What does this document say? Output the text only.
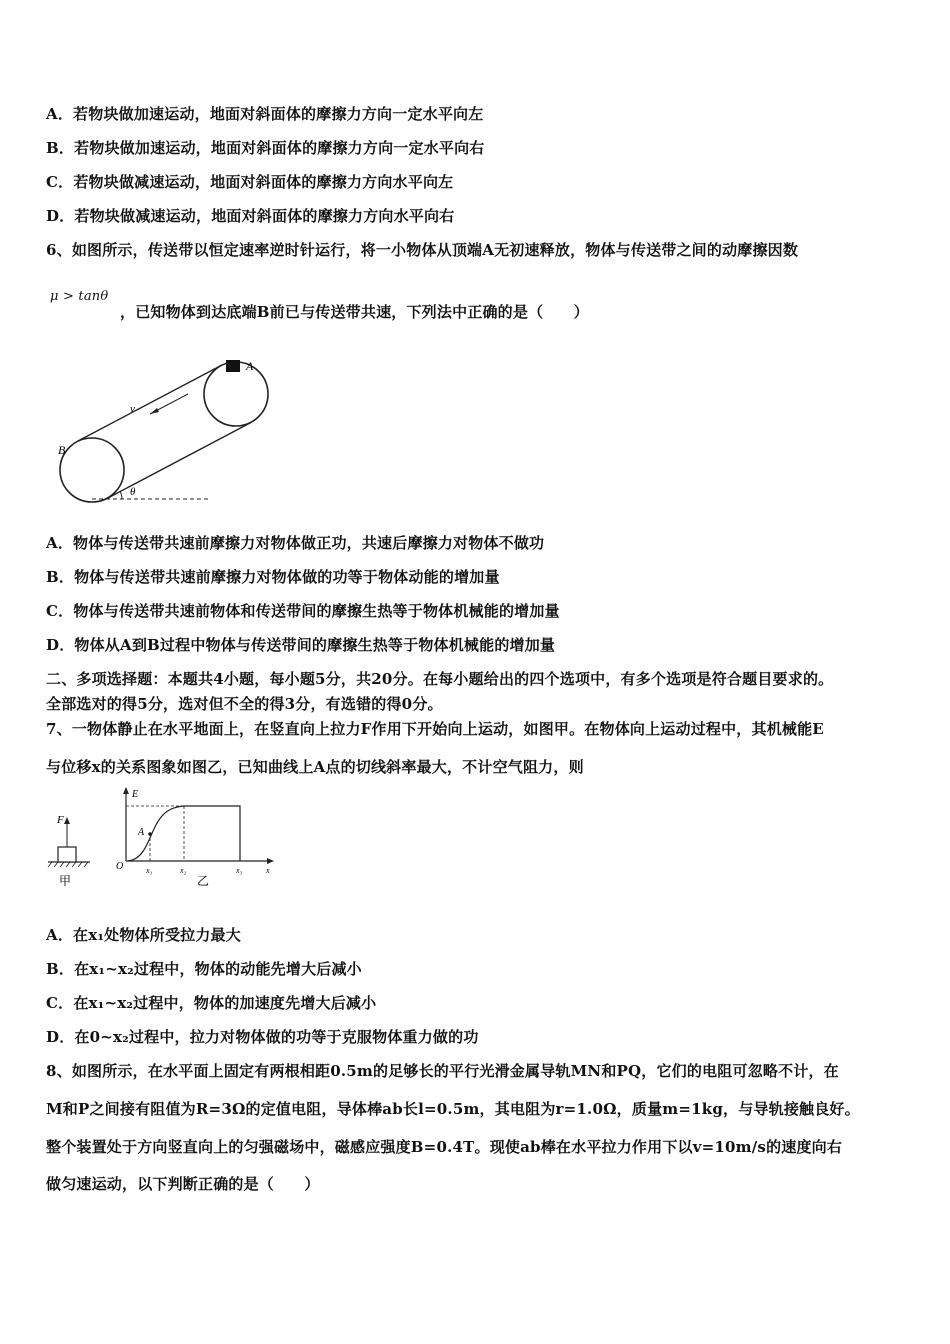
A．若物块做加速运动，地面对斜面体的摩擦力方向一定水平向左
B．若物块做加速运动，地面对斜面体的摩擦力方向一定水平向右
C．若物块做减速运动，地面对斜面体的摩擦力方向水平向左
D．若物块做减速运动，地面对斜面体的摩擦力方向水平向右
6、如图所示，传送带以恒定速率逆时针运行，将一小物体从顶端A无初速释放，物体与传送带之间的动摩擦因数
μ > tanθ
，已知物体到达底端B前已与传送带共速，下列法中正确的是（　　）
A
B
v
θ
A．物体与传送带共速前摩擦力对物体做正功，共速后摩擦力对物体不做功
B．物体与传送带共速前摩擦力对物体做的功等于物体动能的增加量
C．物体与传送带共速前物体和传送带间的摩擦生热等于物体机械能的增加量
D．物体从A到B过程中物体与传送带间的摩擦生热等于物体机械能的增加量
二、多项选择题：本题共4小题，每小题5分，共20分。在每小题给出的四个选项中，有多个选项是符合题目要求的。
全部选对的得5分，选对但不全的得3分，有选错的得0分。
7、一物体静止在水平地面上，在竖直向上拉力F作用下开始向上运动，如图甲。在物体向上运动过程中，其机械能E
与位移x的关系图象如图乙，已知曲线上A点的切线斜率最大，不计空气阻力，则
F
甲
E
O
A
x₁	x₂	x₃	x
乙
A．在x₁处物体所受拉力最大
B．在x₁~x₂过程中，物体的动能先增大后减小
C．在x₁~x₂过程中，物体的加速度先增大后减小
D．在0~x₂过程中，拉力对物体做的功等于克服物体重力做的功
8、如图所示，在水平面上固定有两根相距0.5m的足够长的平行光滑金属导轨MN和PQ，它们的电阻可忽略不计，在
M和P之间接有阻值为R=3Ω的定值电阻，导体棒ab长l=0.5m，其电阻为r=1.0Ω，质量m=1kg，与导轨接触良好。
整个装置处于方向竖直向上的匀强磁场中，磁感应强度B=0.4T。现使ab棒在水平拉力作用下以v=10m/s的速度向右
做匀速运动，以下判断正确的是（　　）
